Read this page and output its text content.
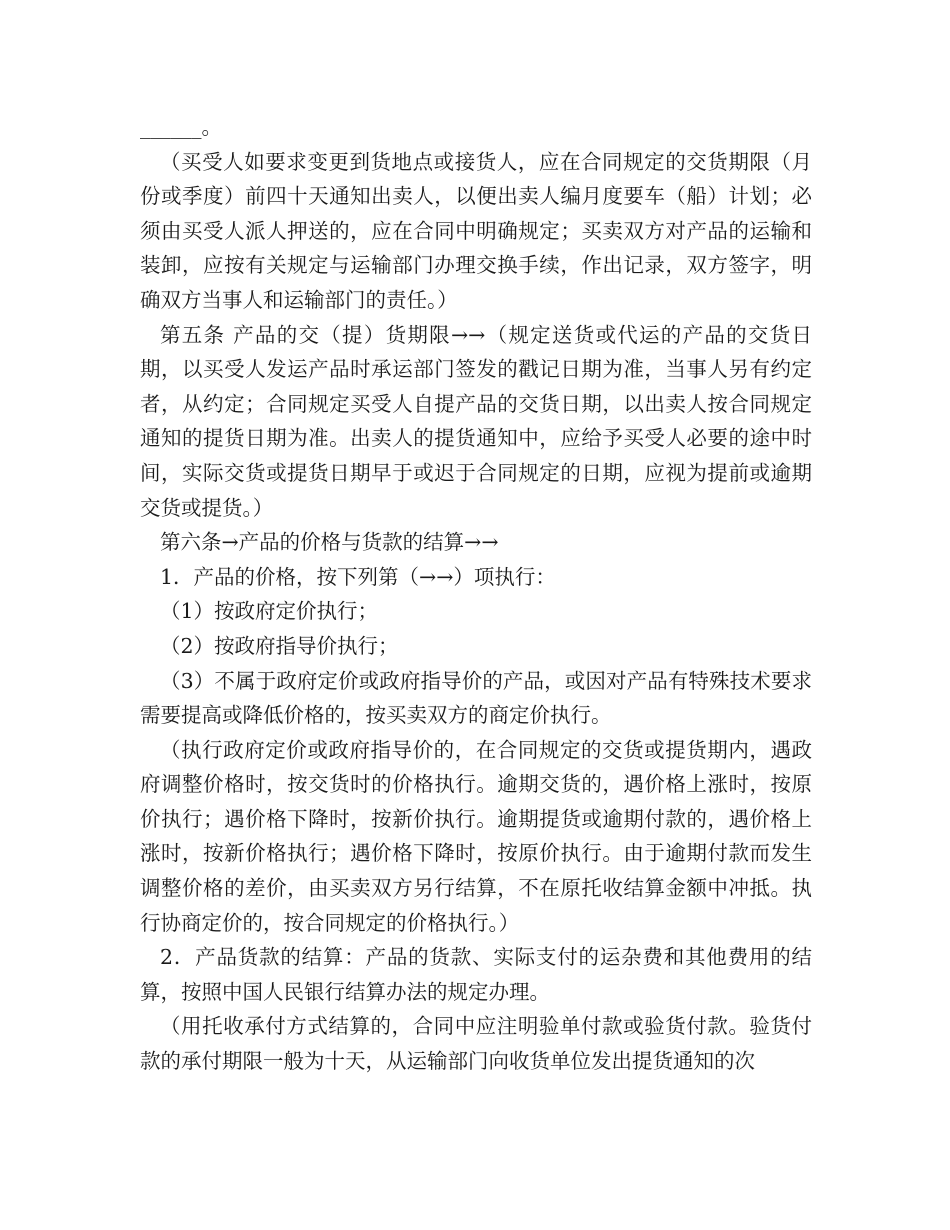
______。

（买受人如要求变更到货地点或接货人，应在合同规定的交货期限（月份或季度）前四十天通知出卖人，以便出卖人编月度要车（船）计划；必须由买受人派人押送的，应在合同中明确规定；买卖双方对产品的运输和装卸，应按有关规定与运输部门办理交换手续，作出记录，双方签字，明确双方当事人和运输部门的责任。）

第五条 产品的交（提）货期限→→（规定送货或代运的产品的交货日期，以买受人发运产品时承运部门签发的戳记日期为准，当事人另有约定者，从约定；合同规定买受人自提产品的交货日期，以出卖人按合同规定通知的提货日期为准。出卖人的提货通知中，应给予买受人必要的途中时间，实际交货或提货日期早于或迟于合同规定的日期，应视为提前或逾期交货或提货。）

第六条→产品的价格与货款的结算→→

1．产品的价格，按下列第（→→）项执行：

（1）按政府定价执行；

（2）按政府指导价执行；

（3）不属于政府定价或政府指导价的产品，或因对产品有特殊技术要求需要提高或降低价格的，按买卖双方的商定价执行。

（执行政府定价或政府指导价的，在合同规定的交货或提货期内，遇政府调整价格时，按交货时的价格执行。逾期交货的，遇价格上涨时，按原价执行；遇价格下降时，按新价执行。逾期提货或逾期付款的，遇价格上涨时，按新价格执行；遇价格下降时，按原价执行。由于逾期付款而发生调整价格的差价，由买卖双方另行结算，不在原托收结算金额中冲抵。执行协商定价的，按合同规定的价格执行。）

2．产品货款的结算：产品的货款、实际支付的运杂费和其他费用的结算，按照中国人民银行结算办法的规定办理。

（用托收承付方式结算的，合同中应注明验单付款或验货付款。验货付款的承付期限一般为十天，从运输部门向收货单位发出提货通知的次
